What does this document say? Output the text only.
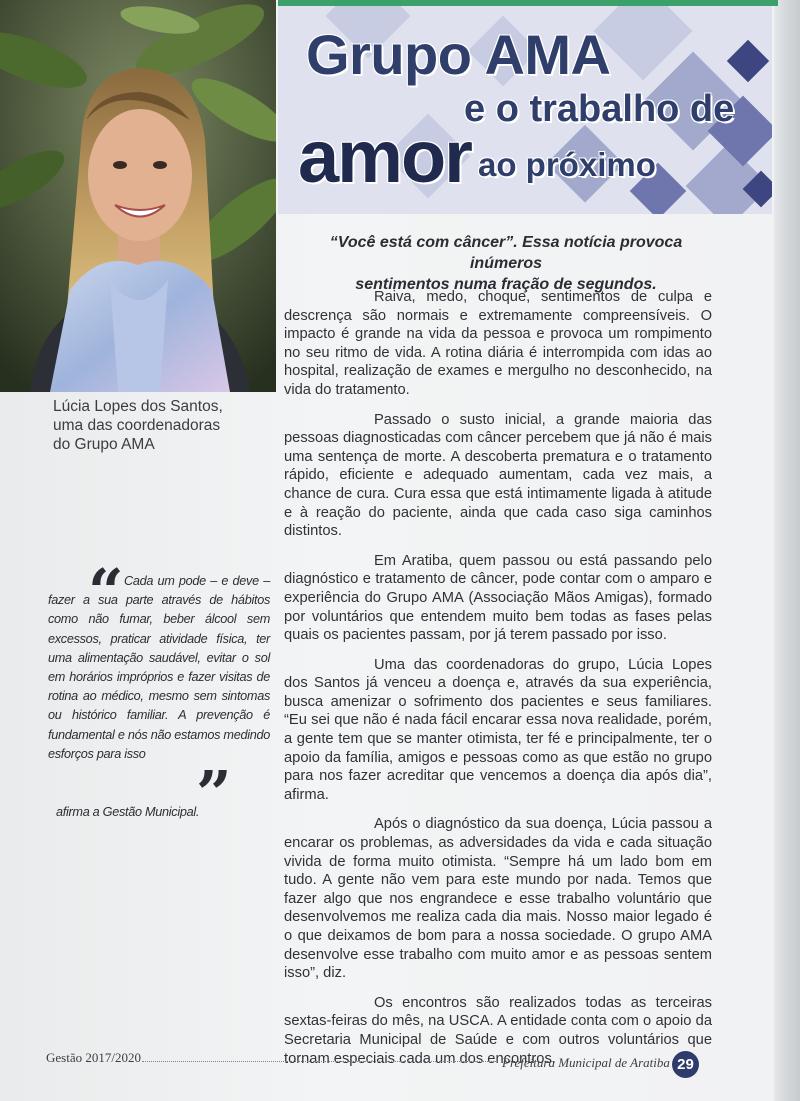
Lúcia Lopes dos Santos,
uma das coordenadoras
do Grupo AMA
Grupo AMA
e o trabalho de
amor ao próximo
“Você está com câncer”. Essa notícia provoca inúmeros
sentimentos numa fração de segundos.

Raiva, medo, choque, sentimentos de culpa e descrença são normais e extremamente compreensíveis. O impacto é grande na vida da pessoa e provoca um rompimento no seu ritmo de vida. A rotina diária é interrompida com idas ao hospital, realização de exames e mergulho no desconhecido, na vida do tratamento.

Passado o susto inicial, a grande maioria das pessoas diagnosticadas com câncer percebem que já não é mais uma sentença de morte. A descoberta prematura e o tratamento rápido, eficiente e adequado aumentam, cada vez mais, a chance de cura. Cura essa que está intimamente ligada à atitude e à reação do paciente, ainda que cada caso siga caminhos distintos.

Em Aratiba, quem passou ou está passando pelo diagnóstico e tratamento de câncer, pode contar com o amparo e experiência do Grupo AMA (Associação Mãos Amigas), formado por voluntários que entendem muito bem todas as fases pelas quais os pacientes passam, por já terem passado por isso.

Uma das coordenadoras do grupo, Lúcia Lopes dos Santos já venceu a doença e, através da sua experiência, busca amenizar o sofrimento dos pacientes e seus familiares. “Eu sei que não é nada fácil encarar essa nova realidade, porém, a gente tem que se manter otimista, ter fé e principalmente, ter o apoio da família, amigos e pessoas como as que estão no grupo para nos fazer acreditar que vencemos a doença dia após dia”, afirma.

Após o diagnóstico da sua doença, Lúcia passou a encarar os problemas, as adversidades da vida e cada situação vivida de forma muito otimista. “Sempre há um lado bom em tudo. A gente não vem para este mundo por nada. Temos que fazer algo que nos engrandece e esse trabalho voluntário que desenvolvemos me realiza cada dia mais. Nosso maior legado é o que deixamos de bom para a nossa sociedade. O grupo AMA desenvolve esse trabalho com muito amor e as pessoas sentem isso”, diz.

Os encontros são realizados todas as terceiras sextas-feiras do mês, na USCA. A entidade conta com o apoio da Secretaria Municipal de Saúde e com outros voluntários que tornam especiais cada um dos encontros.

“ Cada um pode – e deve – fazer a sua parte através de hábitos como não fumar, beber álcool sem excessos, praticar atividade física, ter uma alimentação saudável, evitar o sol em horários impróprios e fazer visitas de rotina ao médico, mesmo sem sintomas ou histórico familiar. A prevenção é fundamental e nós não estamos medindo esforços para isso
”
afirma a Gestão Municipal.
Gestão 2017/2020	Prefeitura Municipal de Aratiba 29
